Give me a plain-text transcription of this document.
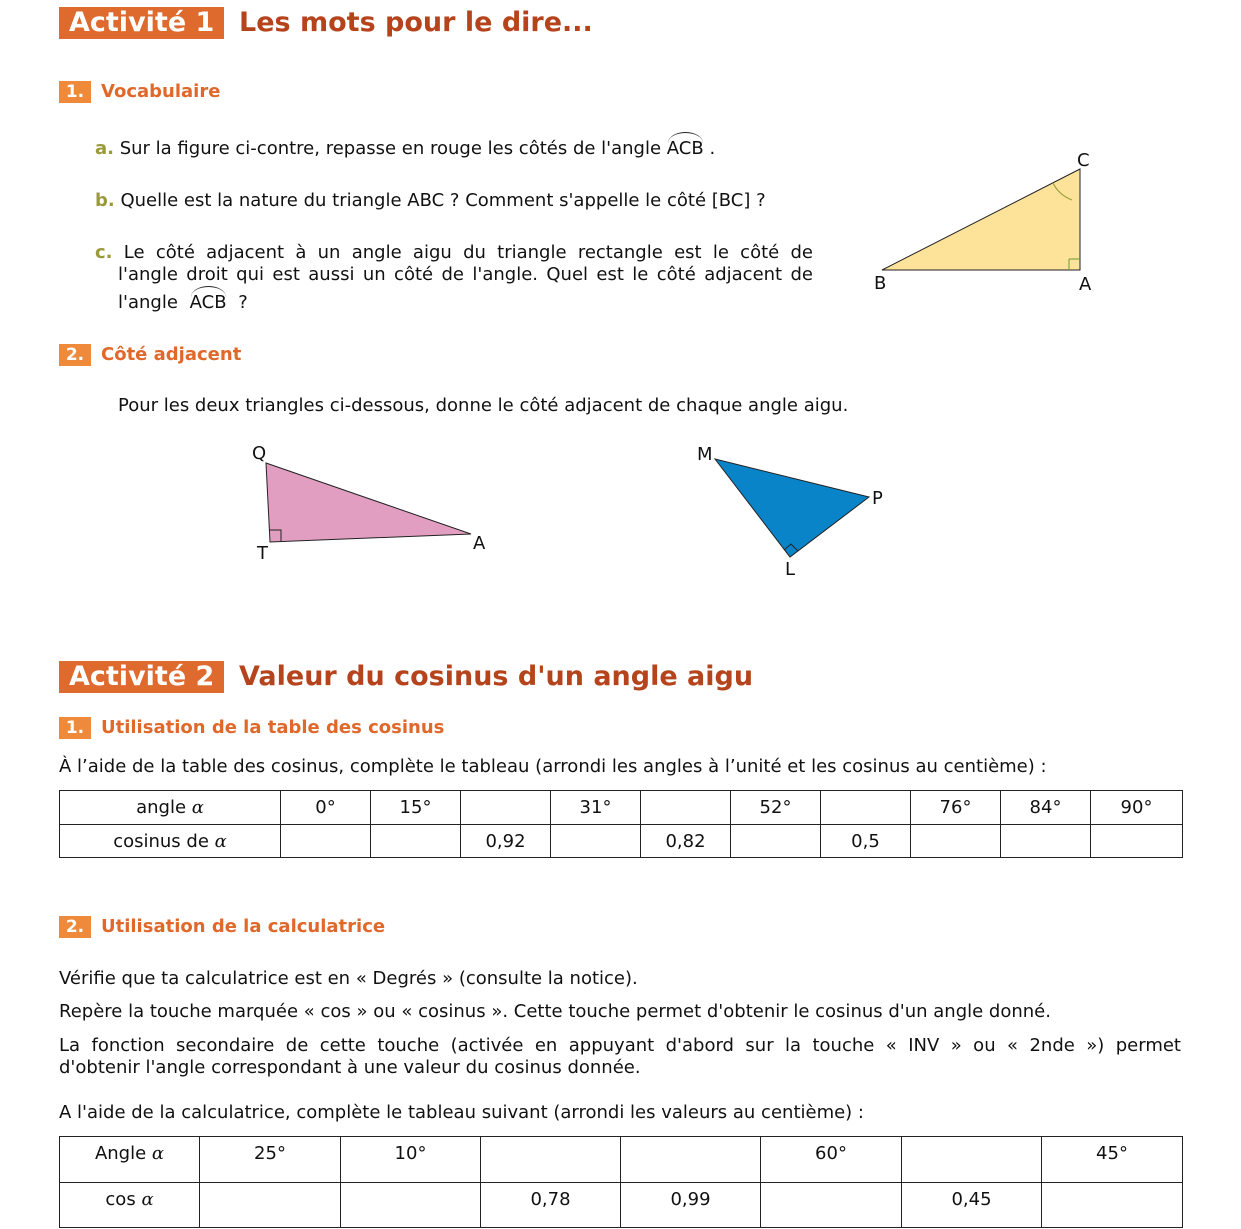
Activité 1 Les mots pour le dire...
1. Vocabulaire
a. Sur la figure ci-contre, repasse en rouge les côtés de l'angle ACB .
b. Quelle est la nature du triangle ABC ? Comment s'appelle le côté [BC] ?
c. Le côté adjacent à un angle aigu du triangle rectangle est le côté de
l'angle droit qui est aussi un côté de l'angle. Quel est le côté adjacent de
l'angle ACB ?
C
B	A
2. Côté adjacent
Pour les deux triangles ci-dessous, donne le côté adjacent de chaque angle aigu.
Q
T	A
M
P
L
Activité 2 Valeur du cosinus d'un angle aigu
1. Utilisation de la table des cosinus
À l’aide de la table des cosinus, complète le tableau (arrondi les angles à l’unité et les cosinus au centième) :
angle α	0°	15°		31°		52°		76°	84°	90°
cosinus de α			0,92		0,82		0,5			
2. Utilisation de la calculatrice
Vérifie que ta calculatrice est en « Degrés » (consulte la notice).
Repère la touche marquée « cos » ou « cosinus ». Cette touche permet d'obtenir le cosinus d'un angle donné.
La fonction secondaire de cette touche (activée en appuyant d'abord sur la touche « INV » ou « 2nde ») permet
d'obtenir l'angle correspondant à une valeur du cosinus donnée.
A l'aide de la calculatrice, complète le tableau suivant (arrondi les valeurs au centième) :
Angle α	25°	10°			60°		45°
cos α			0,78	0,99		0,45	
